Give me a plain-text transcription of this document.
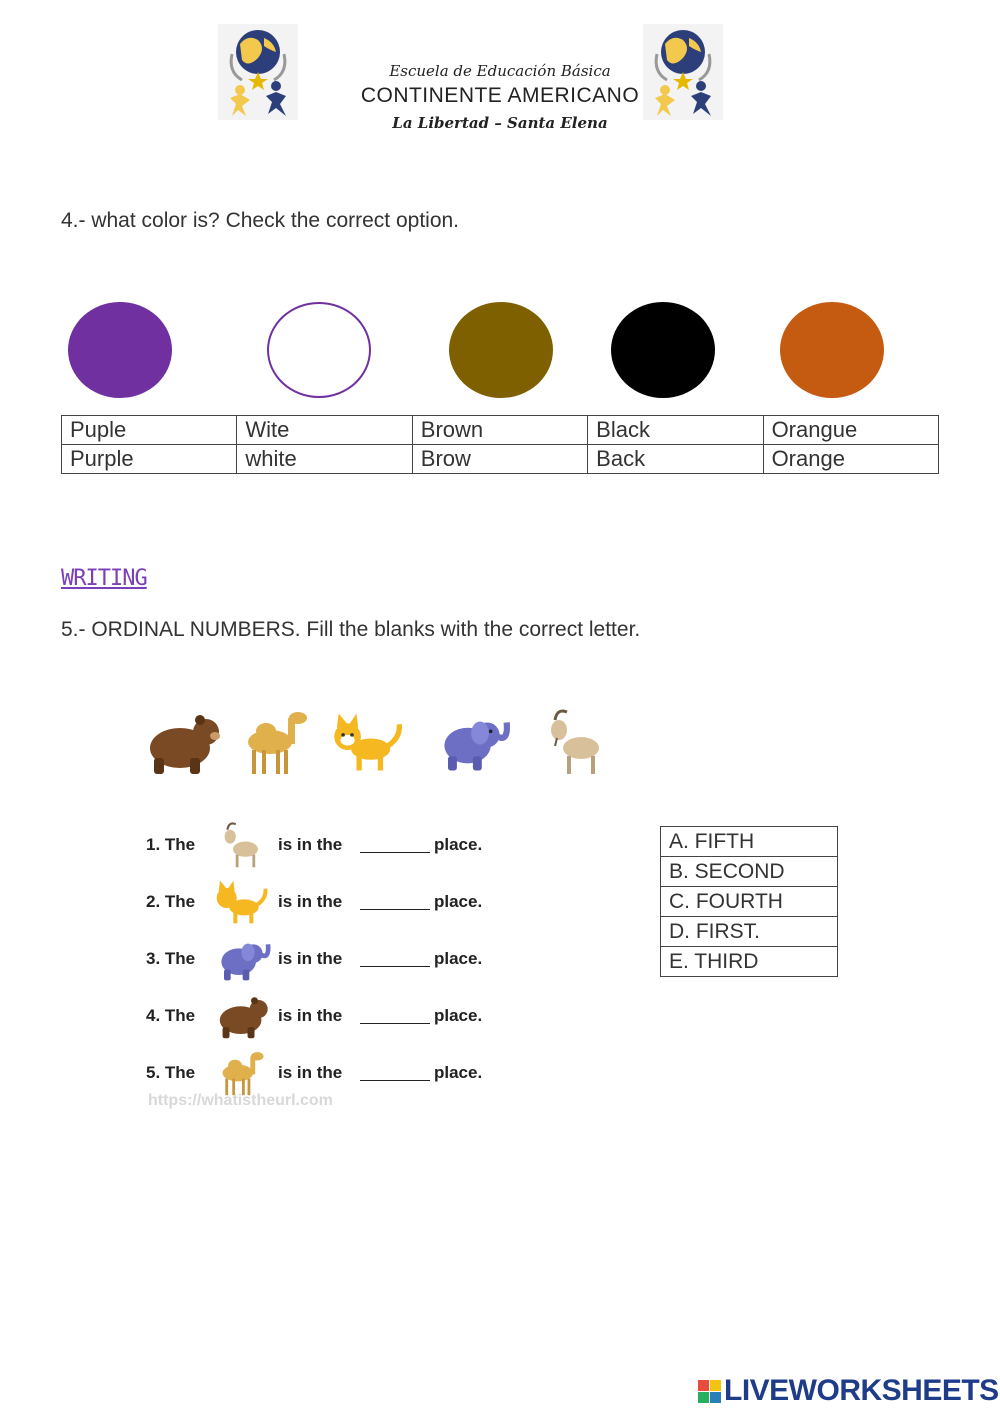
Escuela de Educación Básica
CONTINENTE AMERICANO
La Libertad – Santa Elena
4.- what color is? Check the correct option.
Puple	Wite	Brown	Black	Orangue
Purple	white	Brow	Back	Orange
WRITING
5.- ORDINAL NUMBERS. Fill the blanks with the correct letter.
1. The	is in the	place.
2. The	is in the	place.
3. The	is in the	place.
4. The	is in the	place.
5. The	is in the	place.
https://whatistheurl.com
A. FIFTH
B. SECOND
C. FOURTH
D. FIRST.
E. THIRD
LIVEWORKSHEETS
